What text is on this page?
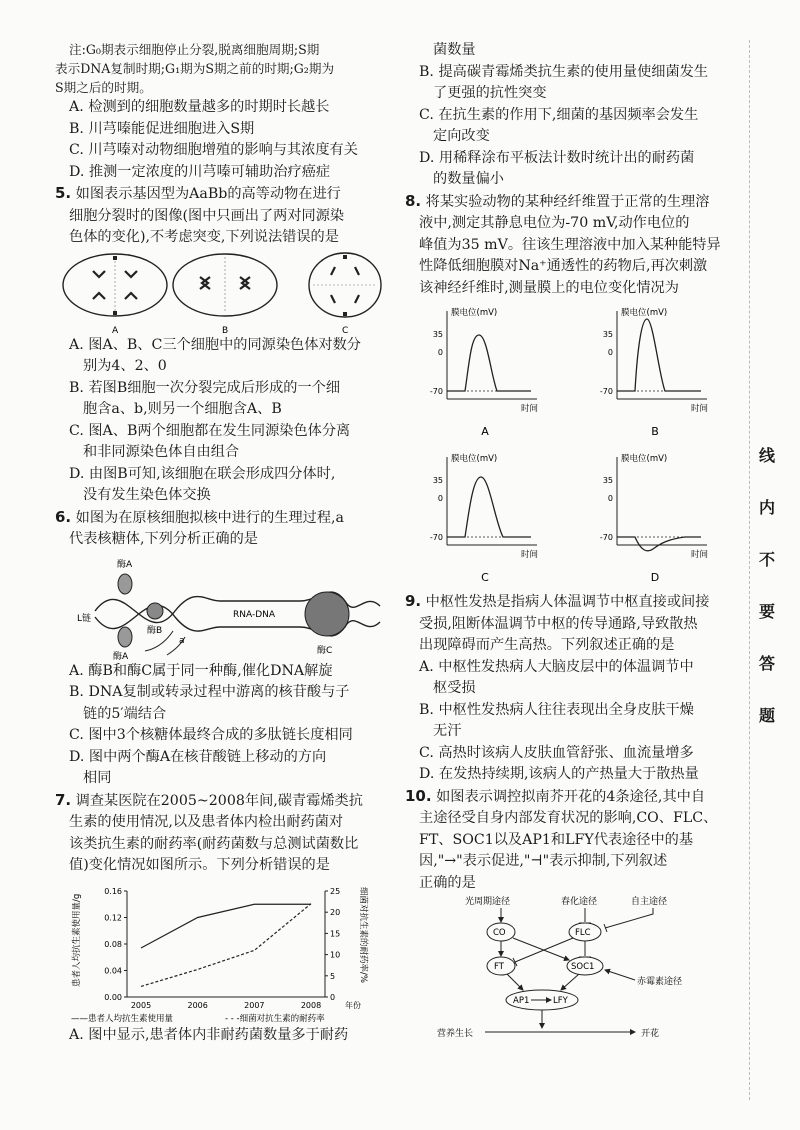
注:G₀期表示细胞停止分裂,脱离细胞周期;S期
表示DNA复制时期;G₁期为S期之前的时期;G₂期为
S期之后的时期。
A. 检测到的细胞数量越多的时期时长越长
B. 川芎嗪能促进细胞进入S期
C. 川芎嗪对动物细胞增殖的影响与其浓度有关
D. 推测一定浓度的川芎嗪可辅助治疗癌症
5. 如图表示基因型为AaBb的高等动物在进行
细胞分裂时的图像(图中只画出了两对同源染
色体的变化),不考虑突变,下列说法错误的是
A	B	C
A. 图A、B、C三个细胞中的同源染色体对数分
别为4、2、0
B. 若图B细胞一次分裂完成后形成的一个细
胞含a、b,则另一个细胞含A、B
C. 图A、B两个细胞都在发生同源染色体分离
和非同源染色体自由组合
D. 由图B可知,该细胞在联会形成四分体时,
没有发生染色体交换
6. 如图为在原核细胞拟核中进行的生理过程,a
代表核糖体,下列分析正确的是
酶A
酶A
酶B
酶C
L链
a
RNA-DNA
A. 酶B和酶C属于同一种酶,催化DNA解旋
B. DNA复制或转录过程中游离的核苷酸与子
链的5′端结合
C. 图中3个核糖体最终合成的多肽链长度相同
D. 图中两个酶A在核苷酸链上移动的方向
相同
7. 调查某医院在2005~2008年间,碳青霉烯类抗
生素的使用情况,以及患者体内检出耐药菌对
该类抗生素的耐药率(耐药菌数与总测试菌数比
值)变化情况如图所示。下列分析错误的是
患者人均抗生素使用量/g	细菌对抗生素的耐药率/%
0.00
0.04
0.08
0.12
0.16
0
5
10
15
20
25
2005	2006	2007	2008	年份
——患者人均抗生素使用量	- - -细菌对抗生素的耐药率
A. 图中显示,患者体内非耐药菌数量多于耐药
菌数量
B. 提高碳青霉烯类抗生素的使用量使细菌发生
了更强的抗性突变
C. 在抗生素的作用下,细菌的基因频率会发生
定向改变
D. 用稀释涂布平板法计数时统计出的耐药菌
的数量偏小
8. 将某实验动物的某种经纤维置于正常的生理溶
液中,测定其静息电位为-70 mV,动作电位的
峰值为35 mV。往该生理溶液中加入某种能特异
性降低细胞膜对Na⁺通透性的药物后,再次刺激
该神经纤维时,测量膜上的电位变化情况为
膜电位(mV)
35
0
-70
时间
A
膜电位(mV)
35
0
-70
时间
B
膜电位(mV)
35
0
-70
时间
C
膜电位(mV)
35
0
-70
时间
D
9. 中枢性发热是指病人体温调节中枢直接或间接
受损,阻断体温调节中枢的传导通路,导致散热
出现障碍而产生高热。下列叙述正确的是
A. 中枢性发热病人大脑皮层中的体温调节中
枢受损
B. 中枢性发热病人往往表现出全身皮肤干燥
无汗
C. 高热时该病人皮肤血管舒张、血流量增多
D. 在发热持续期,该病人的产热量大于散热量
10. 如图表示调控拟南芥开花的4条途径,其中自
主途径受自身内部发育状况的影响,CO、FLC、
FT、SOC1以及AP1和LFY代表途径中的基
因,"→"表示促进,"⊣"表示抑制,下列叙述
正确的是
光周期途径	春化途径	自主途径
赤霉素途径
CO	FLC
FT	SOC1
AP1	LFY
营养生长	开花
线
内
不
要
答
题
